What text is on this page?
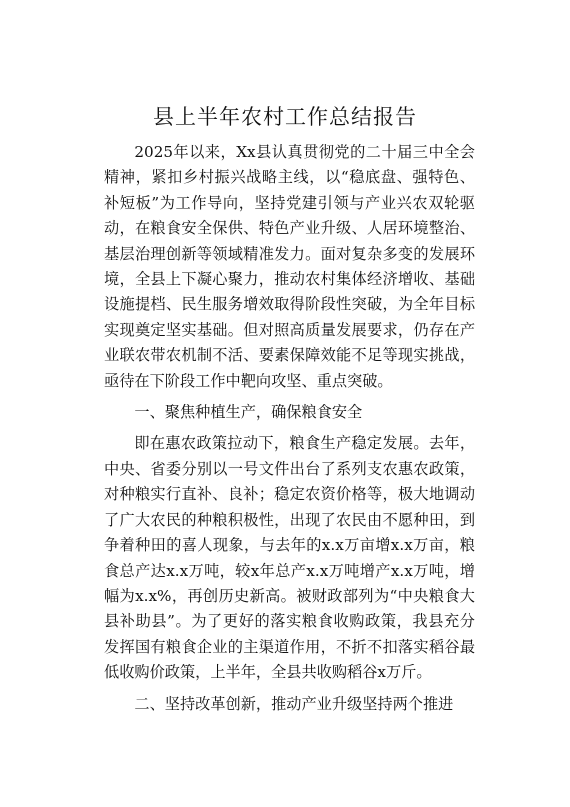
县上半年农村工作总结报告

2025年以来，Xx县认真贯彻党的二十届三中全会精神，紧扣乡村振兴战略主线，以“稳底盘、强特色、补短板”为工作导向，坚持党建引领与产业兴农双轮驱动，在粮食安全保供、特色产业升级、人居环境整治、基层治理创新等领域精准发力。面对复杂多变的发展环境，全县上下凝心聚力，推动农村集体经济增收、基础设施提档、民生服务增效取得阶段性突破，为全年目标实现奠定坚实基础。但对照高质量发展要求，仍存在产业联农带农机制不活、要素保障效能不足等现实挑战，亟待在下阶段工作中靶向攻坚、重点突破。

一、聚焦种植生产，确保粮食安全

即在惠农政策拉动下，粮食生产稳定发展。去年，中央、省委分别以一号文件出台了系列支农惠农政策，对种粮实行直补、良补；稳定农资价格等，极大地调动了广大农民的种粮积极性，出现了农民由不愿种田，到争着种田的喜人现象，与去年的x.x万亩增x.x万亩，粮食总产达x.x万吨，较x年总产x.x万吨增产x.x万吨，增幅为x.x%，再创历史新高。被财政部列为“中央粮食大县补助县”。为了更好的落实粮食收购政策，我县充分发挥国有粮食企业的主渠道作用，不折不扣落实稻谷最低收购价政策，上半年，全县共收购稻谷x万斤。

二、坚持改革创新，推动产业升级坚持两个推进
